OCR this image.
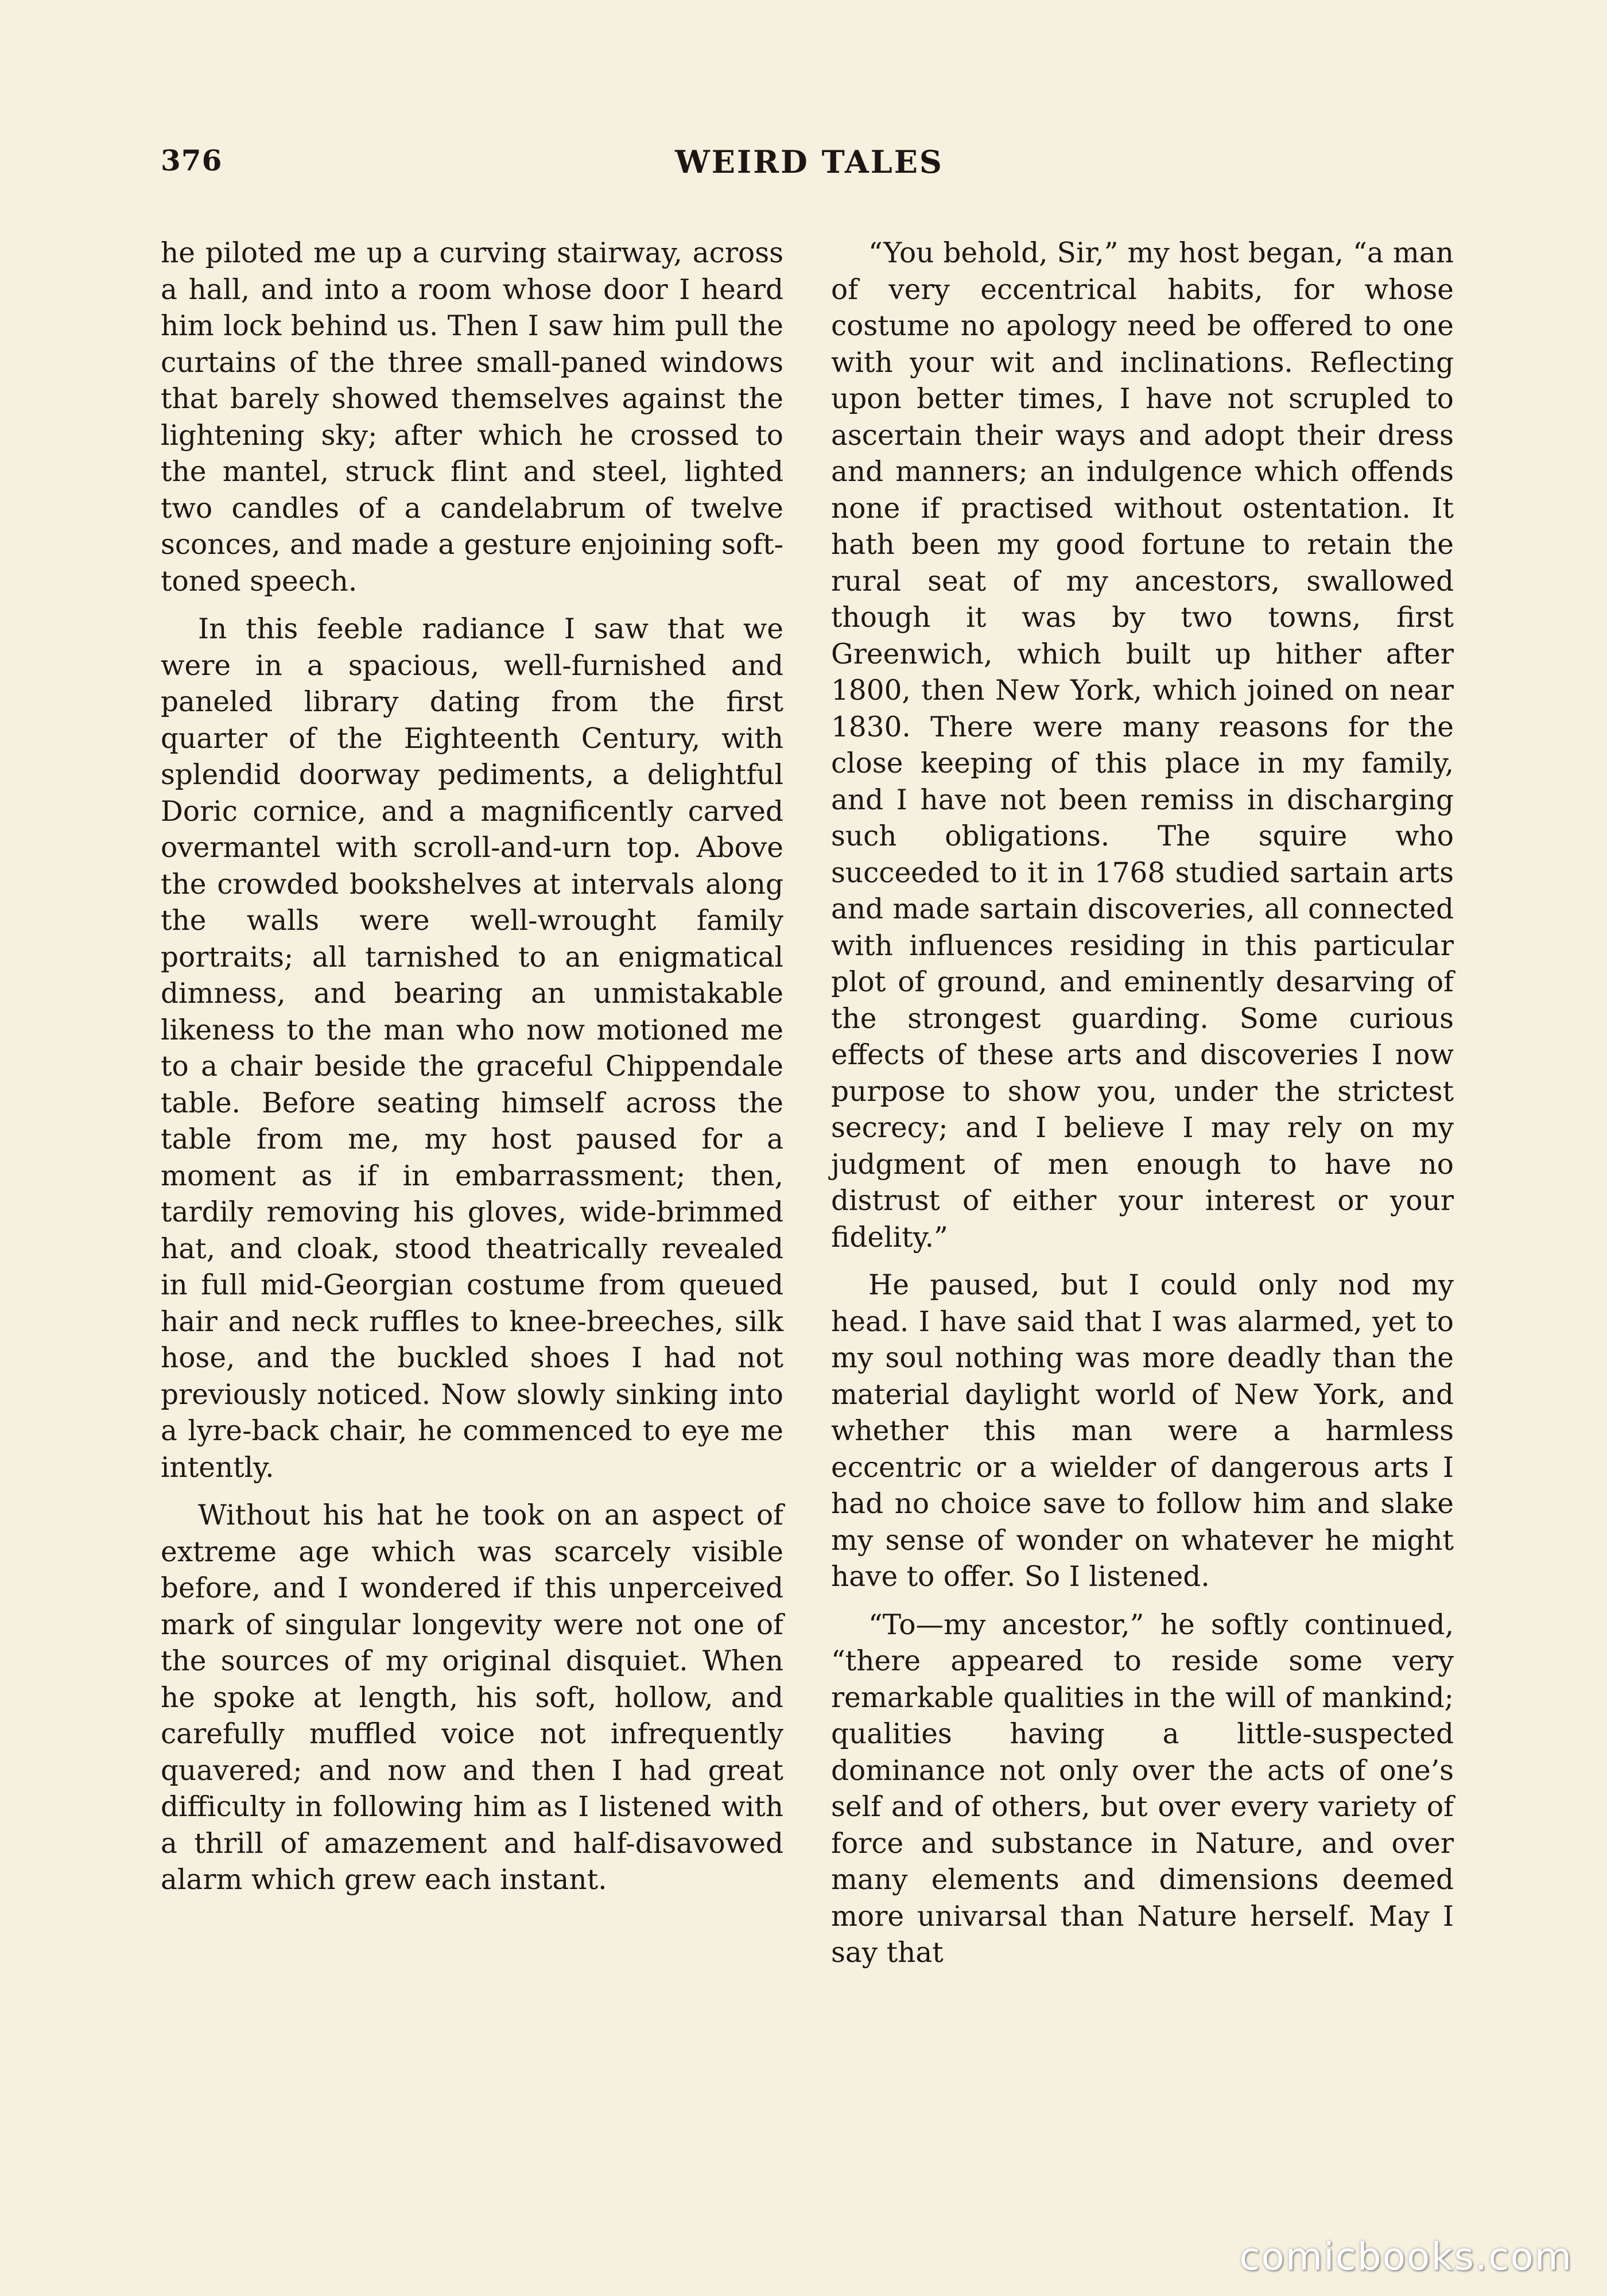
376	WEIRD TALES

he piloted me up a curving stairway, across a hall, and into a room whose door I heard him lock behind us. Then I saw him pull the curtains of the three small-paned windows that barely showed themselves against the lightening sky; after which he crossed to the mantel, struck flint and steel, lighted two candles of a candelabrum of twelve sconces, and made a gesture enjoining soft-toned speech.

In this feeble radiance I saw that we were in a spacious, well-furnished and paneled library dating from the first quarter of the Eighteenth Century, with splendid doorway pediments, a delightful Doric cornice, and a magnificently carved overmantel with scroll-and-urn top. Above the crowded bookshelves at intervals along the walls were well-wrought family portraits; all tarnished to an enigmatical dimness, and bearing an unmistakable likeness to the man who now motioned me to a chair beside the graceful Chippendale table. Before seating himself across the table from me, my host paused for a moment as if in embarrassment; then, tardily removing his gloves, wide-brimmed hat, and cloak, stood theatrically revealed in full mid-Georgian costume from queued hair and neck ruffles to knee-breeches, silk hose, and the buckled shoes I had not previously noticed. Now slowly sinking into a lyre-back chair, he commenced to eye me intently.

Without his hat he took on an aspect of extreme age which was scarcely visible before, and I wondered if this unperceived mark of singular longevity were not one of the sources of my original disquiet. When he spoke at length, his soft, hollow, and carefully muffled voice not infrequently quavered; and now and then I had great difficulty in following him as I listened with a thrill of amazement and half-disavowed alarm which grew each instant.

“You behold, Sir,” my host began, “a man of very eccentrical habits, for whose costume no apology need be offered to one with your wit and inclinations. Reflecting upon better times, I have not scrupled to ascertain their ways and adopt their dress and manners; an indulgence which offends none if practised without ostentation. It hath been my good fortune to retain the rural seat of my ancestors, swallowed though it was by two towns, first Greenwich, which built up hither after 1800, then New York, which joined on near 1830. There were many reasons for the close keeping of this place in my family, and I have not been remiss in discharging such obligations. The squire who succeeded to it in 1768 studied sartain arts and made sartain discoveries, all connected with influences residing in this particular plot of ground, and eminently desarving of the strongest guarding. Some curious effects of these arts and discoveries I now purpose to show you, under the strictest secrecy; and I believe I may rely on my judgment of men enough to have no distrust of either your interest or your fidelity.”

He paused, but I could only nod my head. I have said that I was alarmed, yet to my soul nothing was more deadly than the material daylight world of New York, and whether this man were a harmless eccentric or a wielder of dangerous arts I had no choice save to follow him and slake my sense of wonder on whatever he might have to offer. So I listened.

“To—my ancestor,” he softly continued, “there appeared to reside some very remarkable qualities in the will of mankind; qualities having a little-suspected dominance not only over the acts of one’s self and of others, but over every variety of force and substance in Nature, and over many elements and dimensions deemed more univarsal than Nature herself. May I say that

comicbooks.com
